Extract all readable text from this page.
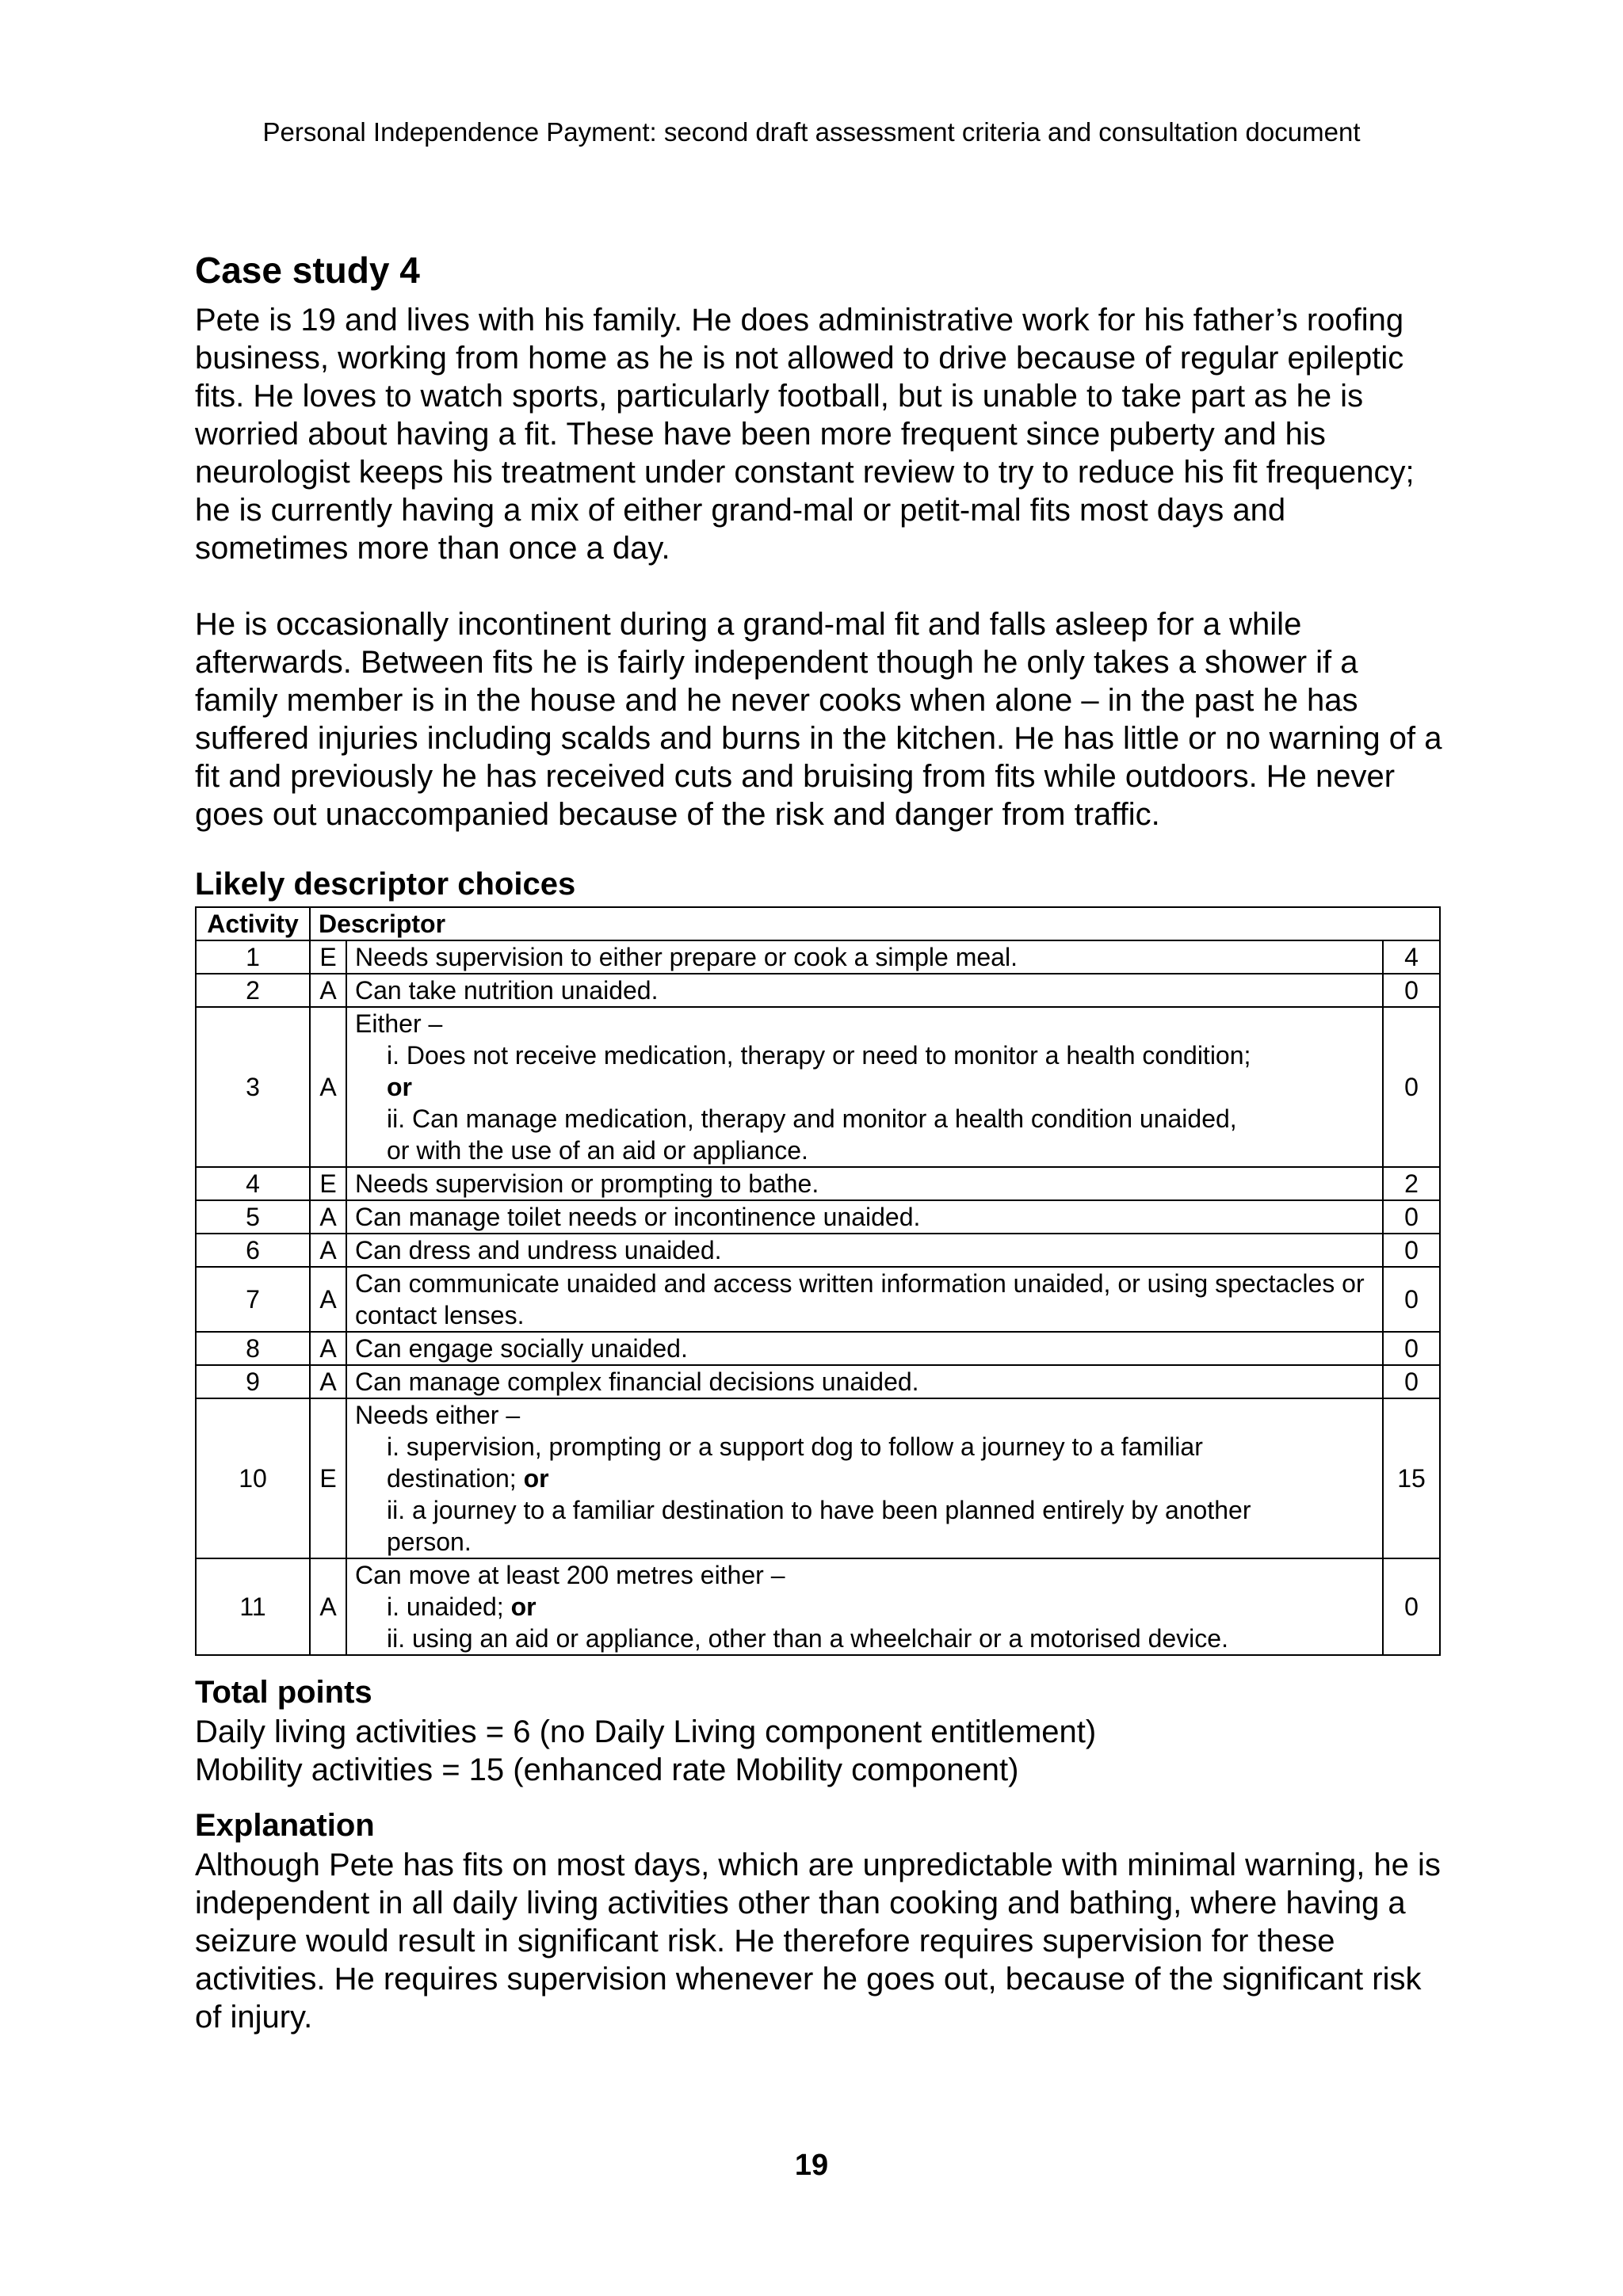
Personal Independence Payment: second draft assessment criteria and consultation document
Case study 4

Pete is 19 and lives with his family. He does administrative work for his father’s roofing business, working from home as he is not allowed to drive because of regular epileptic fits. He loves to watch sports, particularly football, but is unable to take part as he is worried about having a fit. These have been more frequent since puberty and his neurologist keeps his treatment under constant review to try to reduce his fit frequency; he is currently having a mix of either grand-mal or petit-mal fits most days and sometimes more than once a day.

He is occasionally incontinent during a grand-mal fit and falls asleep for a while afterwards. Between fits he is fairly independent though he only takes a shower if a family member is in the house and he never cooks when alone – in the past he has suffered injuries including scalds and burns in the kitchen. He has little or no warning of a fit and previously he has received cuts and bruising from fits while outdoors. He never goes out unaccompanied because of the risk and danger from traffic.

Likely descriptor choices
Activity	Descriptor		
1	E	Needs supervision to either prepare or cook a simple meal.	4
2	A	Can take nutrition unaided.	0
3	A	Either –
i. Does not receive medication, therapy or need to monitor a health condition;
or
ii. Can manage medication, therapy and monitor a health condition unaided,
or with the use of an aid or appliance.	0
4	E	Needs supervision or prompting to bathe.	2
5	A	Can manage toilet needs or incontinence unaided.	0
6	A	Can dress and undress unaided.	0
7	A	Can communicate unaided and access written information unaided, or using spectacles or contact lenses.	0
8	A	Can engage socially unaided.	0
9	A	Can manage complex financial decisions unaided.	0
10	E	Needs either –
i. supervision, prompting or a support dog to follow a journey to a familiar
destination; or
ii. a journey to a familiar destination to have been planned entirely by another
person.	15
11	A	Can move at least 200 metres either –
i. unaided; or
ii. using an aid or appliance, other than a wheelchair or a motorised device.	0
Total points

Daily living activities = 6 (no Daily Living component entitlement)

Mobility activities = 15 (enhanced rate Mobility component)

Explanation

Although Pete has fits on most days, which are unpredictable with minimal warning, he is independent in all daily living activities other than cooking and bathing, where having a seizure would result in significant risk. He therefore requires supervision for these activities. He requires supervision whenever he goes out, because of the significant risk of injury.

19
